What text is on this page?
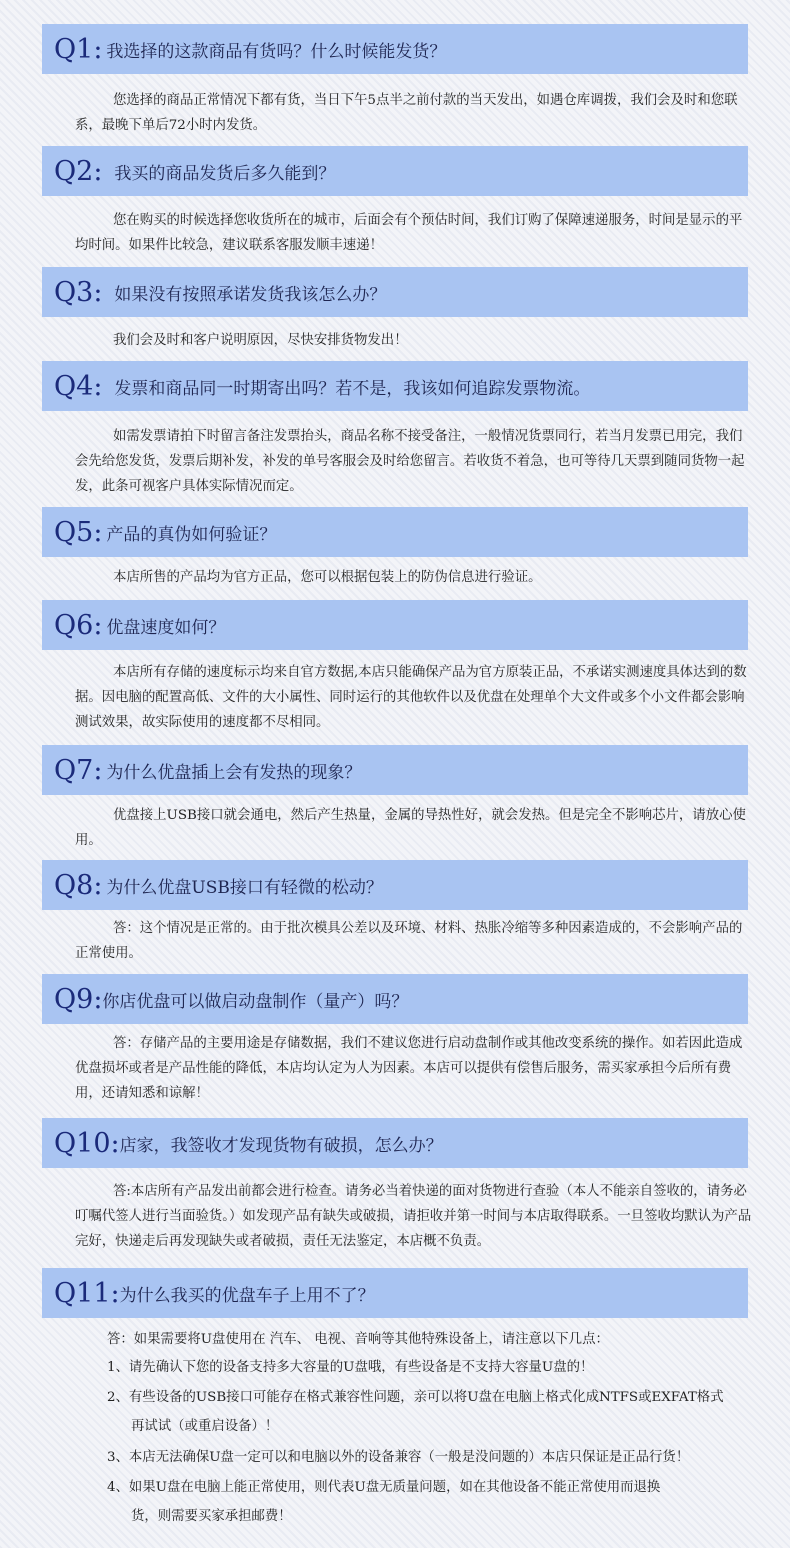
Q1: 我选择的这款商品有货吗？什么时候能发货？
您选择的商品正常情况下都有货，当日下午5点半之前付款的当天发出，如遇仓库调拨，我们会及时和您联系，最晚下单后72小时内发货。
Q2: 我买的商品发货后多久能到？
您在购买的时候选择您收货所在的城市，后面会有个预估时间，我们订购了保障速递服务，时间是显示的平均时间。如果件比较急，建议联系客服发顺丰速递！
Q3: 如果没有按照承诺发货我该怎么办？
我们会及时和客户说明原因，尽快安排货物发出！
Q4: 发票和商品同一时期寄出吗？若不是，我该如何追踪发票物流。
如需发票请拍下时留言备注发票抬头，商品名称不接受备注，一般情况货票同行，若当月发票已用完，我们会先给您发货，发票后期补发，补发的单号客服会及时给您留言。若收货不着急，也可等待几天票到随同货物一起发，此条可视客户具体实际情况而定。
Q5: 产品的真伪如何验证？
本店所售的产品均为官方正品，您可以根据包装上的防伪信息进行验证。
Q6: 优盘速度如何？
本店所有存储的速度标示均来自官方数据,本店只能确保产品为官方原装正品，不承诺实测速度具体达到的数据。因电脑的配置高低、文件的大小属性、同时运行的其他软件以及优盘在处理单个大文件或多个小文件都会影响测试效果，故实际使用的速度都不尽相同。
Q7: 为什么优盘插上会有发热的现象？
优盘接上USB接口就会通电，然后产生热量，金属的导热性好，就会发热。但是完全不影响芯片，请放心使用。
Q8: 为什么优盘USB接口有轻微的松动？
答：这个情况是正常的。由于批次模具公差以及环境、材料、热胀冷缩等多种因素造成的，不会影响产品的正常使用。
Q9: 你店优盘可以做启动盘制作（量产）吗？
答：存储产品的主要用途是存储数据，我们不建议您进行启动盘制作或其他改变系统的操作。如若因此造成优盘损坏或者是产品性能的降低，本店均认定为人为因素。本店可以提供有偿售后服务，需买家承担今后所有费用，还请知悉和谅解！
Q10: 店家，我签收才发现货物有破损，怎么办？
答:本店所有产品发出前都会进行检查。请务必当着快递的面对货物进行查验（本人不能亲自签收的，请务必叮嘱代签人进行当面验货。）如发现产品有缺失或破损，请拒收并第一时间与本店取得联系。一旦签收均默认为产品完好，快递走后再发现缺失或者破损，责任无法鉴定，本店概不负责。
Q11: 为什么我买的优盘车子上用不了？
答：如果需要将U盘使用在 汽车、 电视、音响等其他特殊设备上，请注意以下几点：
1、请先确认下您的设备支持多大容量的U盘哦，有些设备是不支持大容量U盘的！
2、有些设备的USB接口可能存在格式兼容性问题，亲可以将U盘在电脑上格式化成NTFS或EXFAT格式
再试试（或重启设备）！
3、本店无法确保U盘一定可以和电脑以外的设备兼容（一般是没问题的）本店只保证是正品行货！
4、如果U盘在电脑上能正常使用，则代表U盘无质量问题，如在其他设备不能正常使用而退换
货，则需要买家承担邮费！
